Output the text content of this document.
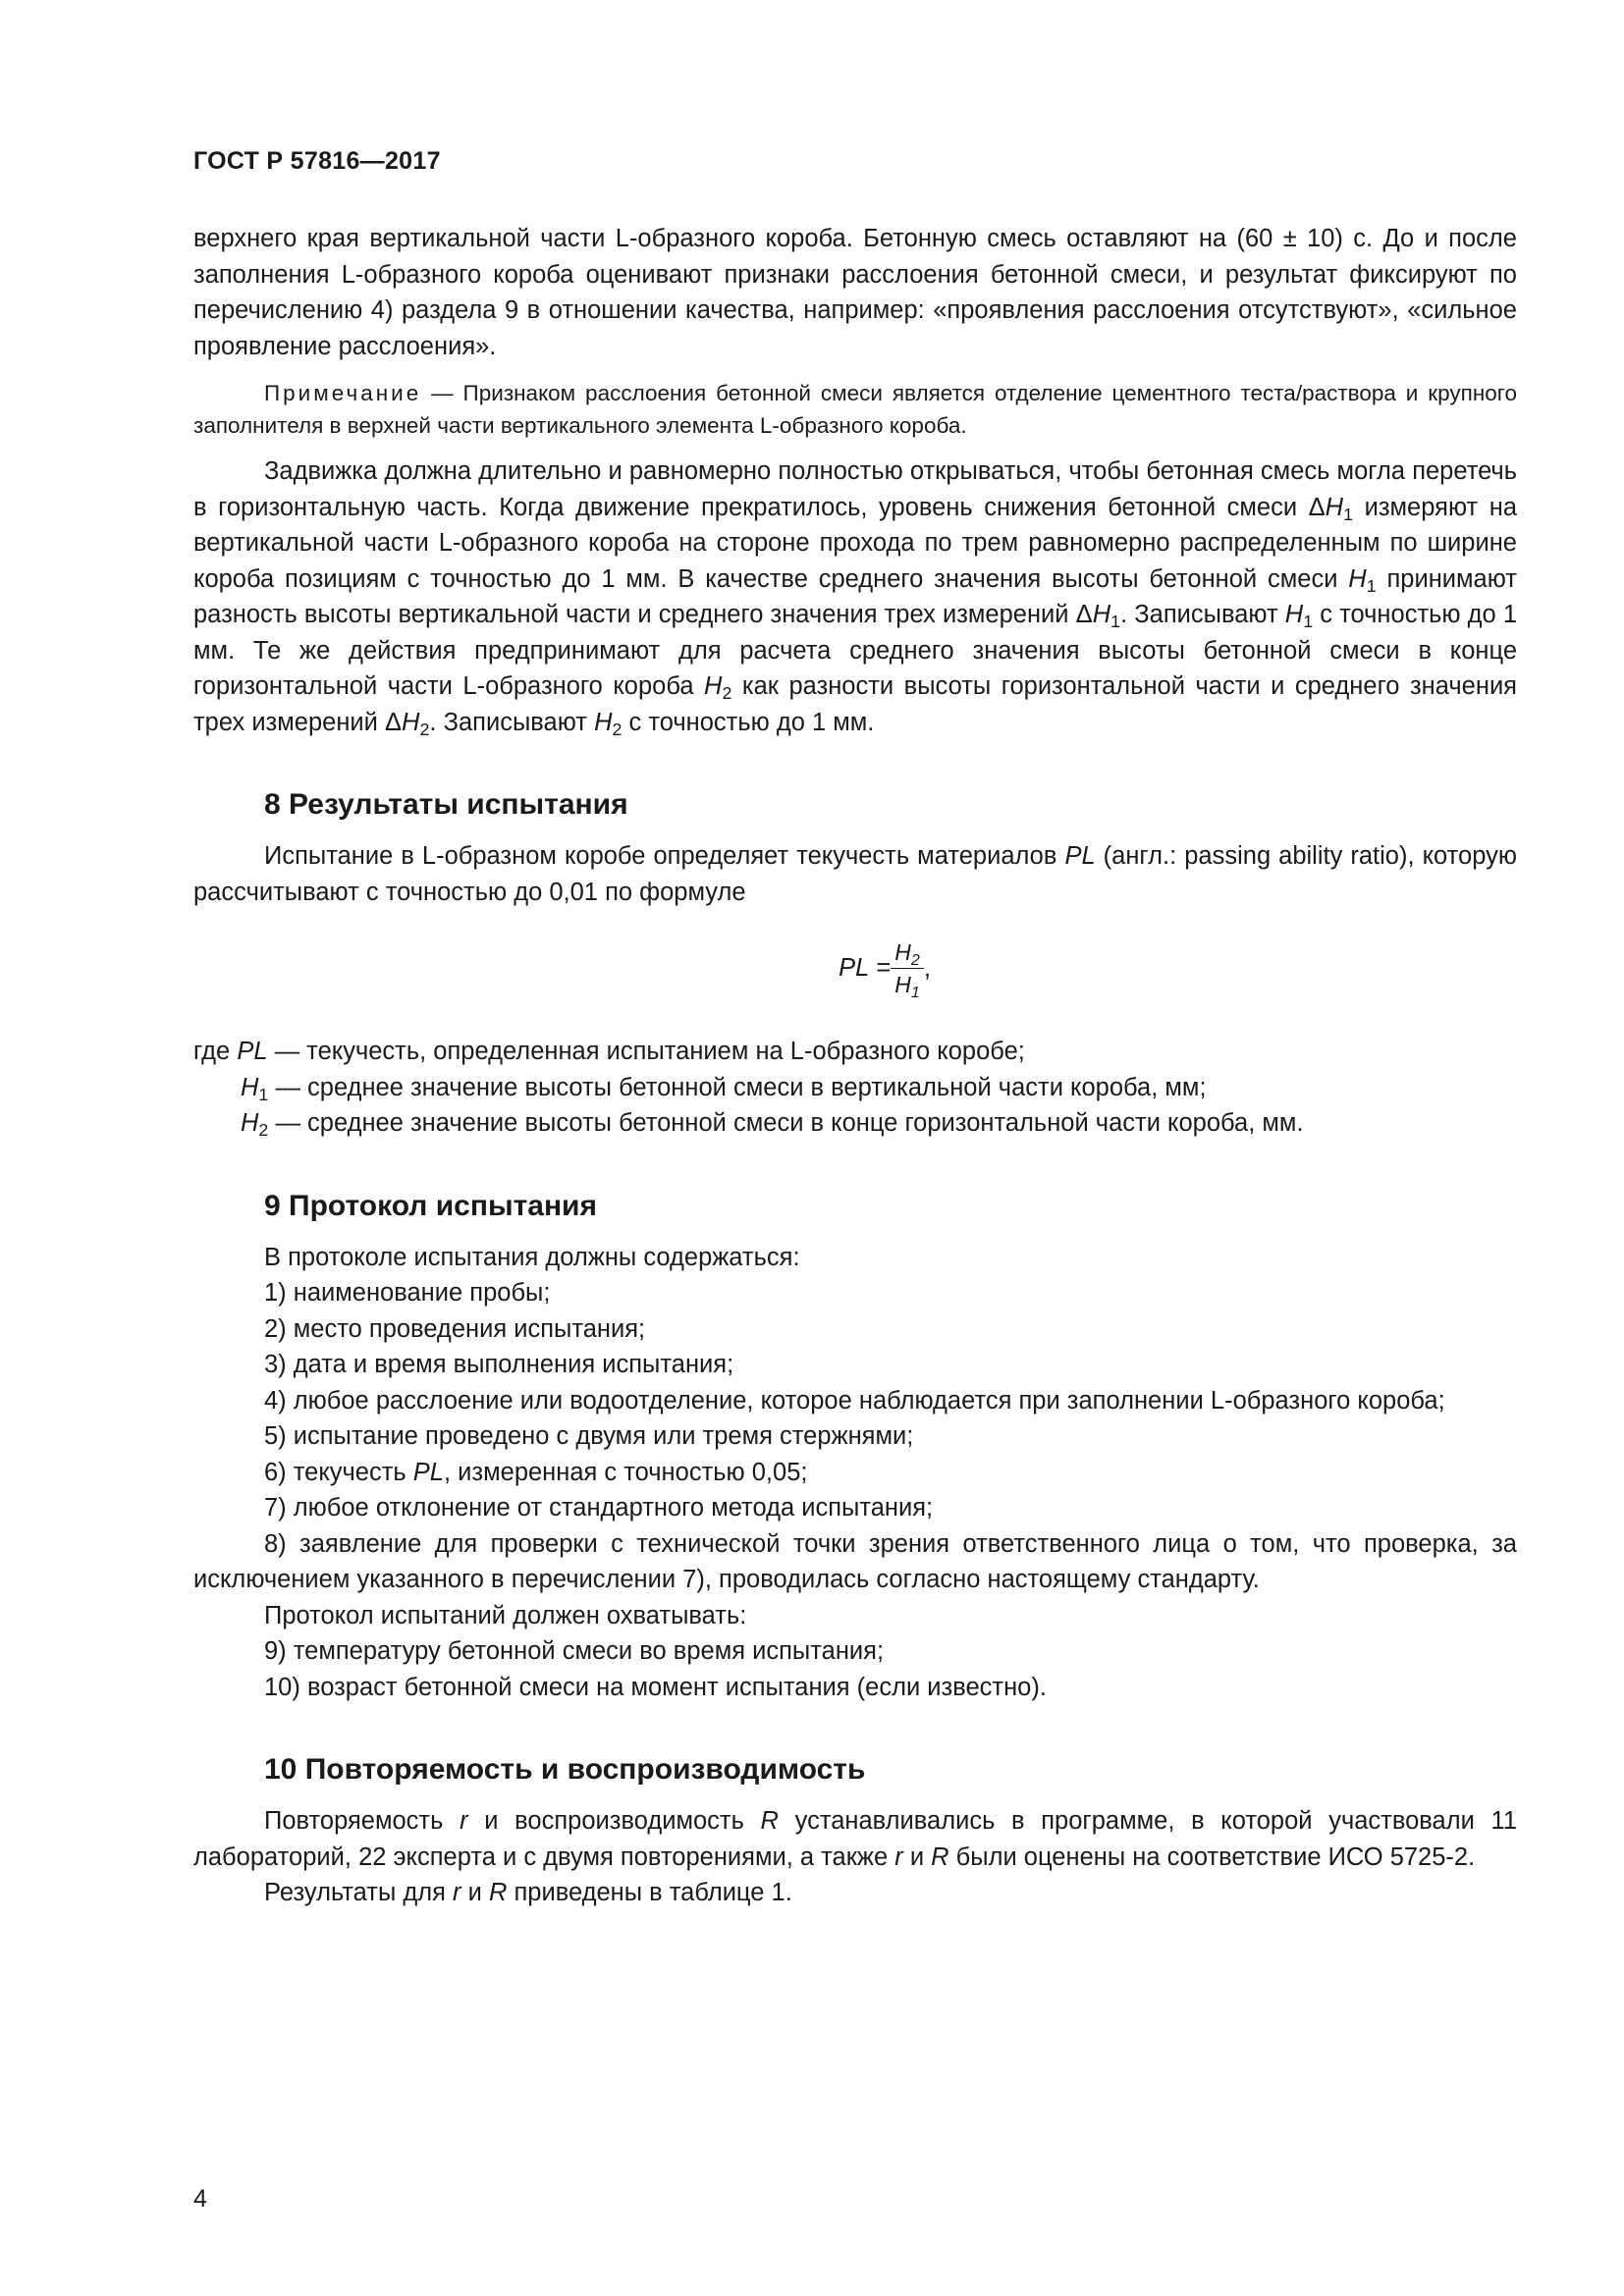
ГОСТ Р 57816—2017

верхнего края вертикальной части L-образного короба. Бетонную смесь оставляют на (60 ± 10) с. До и после заполнения L-образного короба оценивают признаки расслоения бетонной смеси, и результат фиксируют по перечислению 4) раздела 9 в отношении качества, например: «проявления расслоения отсутствуют», «сильное проявление расслоения».

Примечание — Признаком расслоения бетонной смеси является отделение цементного теста/раствора и крупного заполнителя в верхней части вертикального элемента L-образного короба.

Задвижка должна длительно и равномерно полностью открываться, чтобы бетонная смесь могла перетечь в горизонтальную часть. Когда движение прекратилось, уровень снижения бетонной смеси $\Delta H_1$ измеряют на вертикальной части L-образного короба на стороне прохода по трем равномерно распределенным по ширине короба позициям с точностью до 1 мм. В качестве среднего значения высоты бетонной смеси $H_1$ принимают разность высоты вертикальной части и среднего значения трех измерений $\Delta H_1$. Записывают $H_1$ с точностью до 1 мм. Те же действия предпринимают для расчета среднего значения высоты бетонной смеси в конце горизонтальной части L-образного короба $H_2$ как разности высоты горизонтальной части и среднего значения трех измерений $\Delta H_2$. Записывают $H_2$ с точностью до 1 мм.

8 Результаты испытания

Испытание в L-образном коробе определяет текучесть материалов PL (англ.: passing ability ratio), которую рассчитывают с точностью до 0,01 по формуле

PL = $\frac{H_2}{H_1}$ ,

где PL — текучесть, определенная испытанием на L-образного коробе;

$H_1$ — среднее значение высоты бетонной смеси в вертикальной части короба, мм;

$H_2$ — среднее значение высоты бетонной смеси в конце горизонтальной части короба, мм.

9 Протокол испытания

В протоколе испытания должны содержаться:

1) наименование пробы;

2) место проведения испытания;

3) дата и время выполнения испытания;

4) любое расслоение или водоотделение, которое наблюдается при заполнении L-образного короба;

5) испытание проведено с двумя или тремя стержнями;

6) текучесть PL, измеренная с точностью 0,05;

7) любое отклонение от стандартного метода испытания;

8) заявление для проверки с технической точки зрения ответственного лица о том, что проверка, за исключением указанного в перечислении 7), проводилась согласно настоящему стандарту.

Протокол испытаний должен охватывать:

9) температуру бетонной смеси во время испытания;

10) возраст бетонной смеси на момент испытания (если известно).

10 Повторяемость и воспроизводимость

Повторяемость r и воспроизводимость R устанавливались в программе, в которой участвовали 11 лабораторий, 22 эксперта и с двумя повторениями, а также r и R были оценены на соответствие ИСО 5725-2.

Результаты для r и R приведены в таблице 1.

4
